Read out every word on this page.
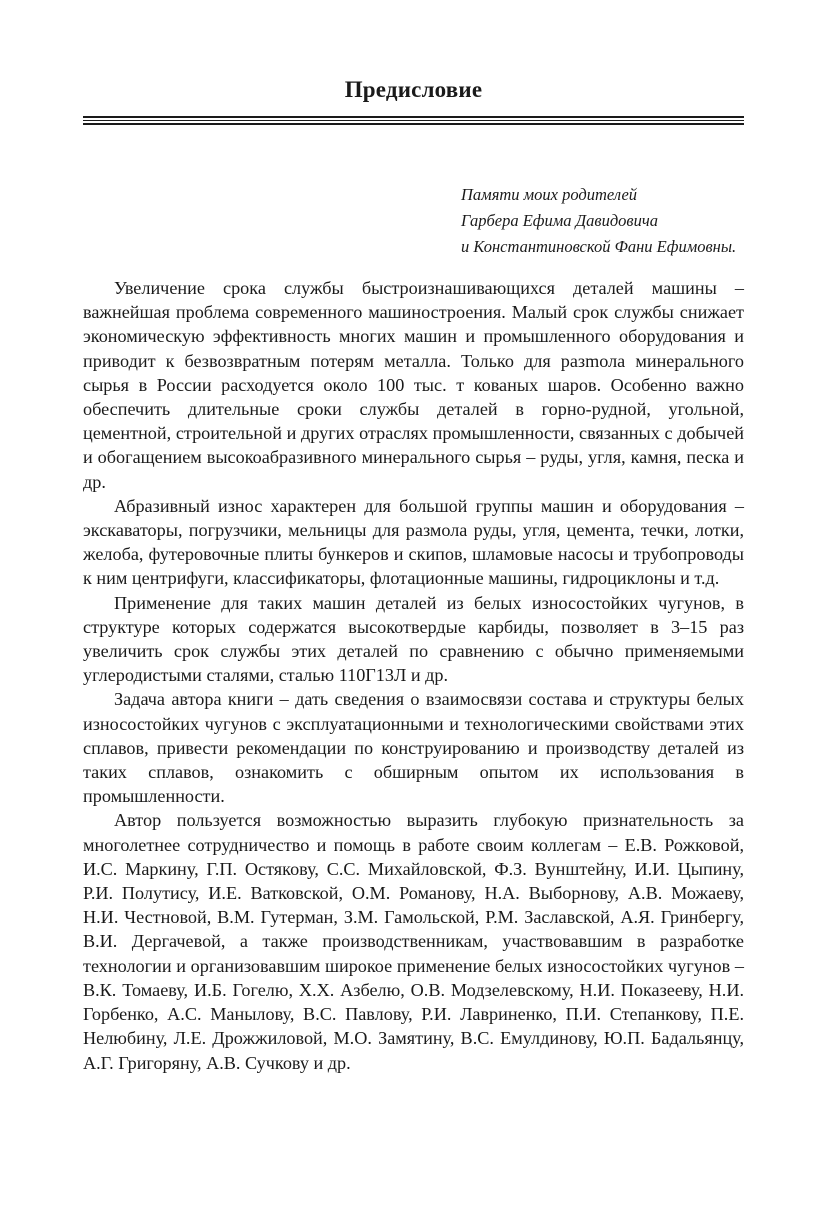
Предисловие
Памяти моих родителей
Гарбера Ефима Давидовича
и Константиновской Фани Ефимовны.

Увеличение срока службы быстроизнашивающихся деталей машины – важнейшая проблема современного машиностроения. Малый срок службы снижает экономическую эффективность многих машин и промышленного оборудования и приводит к безвозвратным потерям металла. Только для разmола минерального сырья в России расходуется около 100 тыс. т кованых шаров. Особенно важно обеспечить длительные сроки службы деталей в горно-рудной, угольной, цементной, строительной и других отраслях промышленности, связанных с добычей и обогащением высокоабразивного минерального сырья – руды, угля, камня, песка и др.

Абразивный износ характерен для большой группы машин и оборудования – экскаваторы, погрузчики, мельницы для размола руды, угля, цемента, течки, лотки, желоба, футеровочные плиты бункеров и скипов, шламовые насосы и трубопроводы к ним центрифуги, классификаторы, флотационные машины, гидроциклоны и т.д.

Применение для таких машин деталей из белых износостойких чугунов, в структуре которых содержатся высокотвердые карбиды, позволяет в 3–15 раз увеличить срок службы этих деталей по сравнению с обычно применяемыми углеродистыми сталями, сталью 110Г13Л и др.

Задача автора книги – дать сведения о взаимосвязи состава и структуры белых износостойких чугунов с эксплуатационными и технологическими свойствами этих сплавов, привести рекомендации по конструированию и производству деталей из таких сплавов, ознакомить с обширным опытом их использования в промышленности.

Автор пользуется возможностью выразить глубокую признательность за многолетнее сотрудничество и помощь в работе своим коллегам – Е.В. Рожковой, И.С. Маркину, Г.П. Остякову, С.С. Михайловской, Ф.З. Вунштейну, И.И. Цыпину, Р.И. Полутису, И.Е. Ватковской, О.М. Романову, Н.А. Выборнову, А.В. Можаеву, Н.И. Честновой, В.М. Гутерман, З.М. Гамольской, Р.М. Заславской, А.Я. Гринбергу, В.И. Дергачевой, а также производственникам, участвовавшим в разработке технологии и организовавшим широкое применение белых износостойких чугунов – В.К. Томаеву, И.Б. Гогелю, Х.Х. Азбелю, О.В. Модзелевскому, Н.И. Показееву, Н.И. Горбенко, А.С. Манылову, В.С. Павлову, Р.И. Лавриненко, П.И. Степанкову, П.Е. Нелюбину, Л.Е. Дрожжиловой, М.О. Замятину, В.С. Емулдинову, Ю.П. Бадальянцу, А.Г. Григоряну, А.В. Сучкову и др.
